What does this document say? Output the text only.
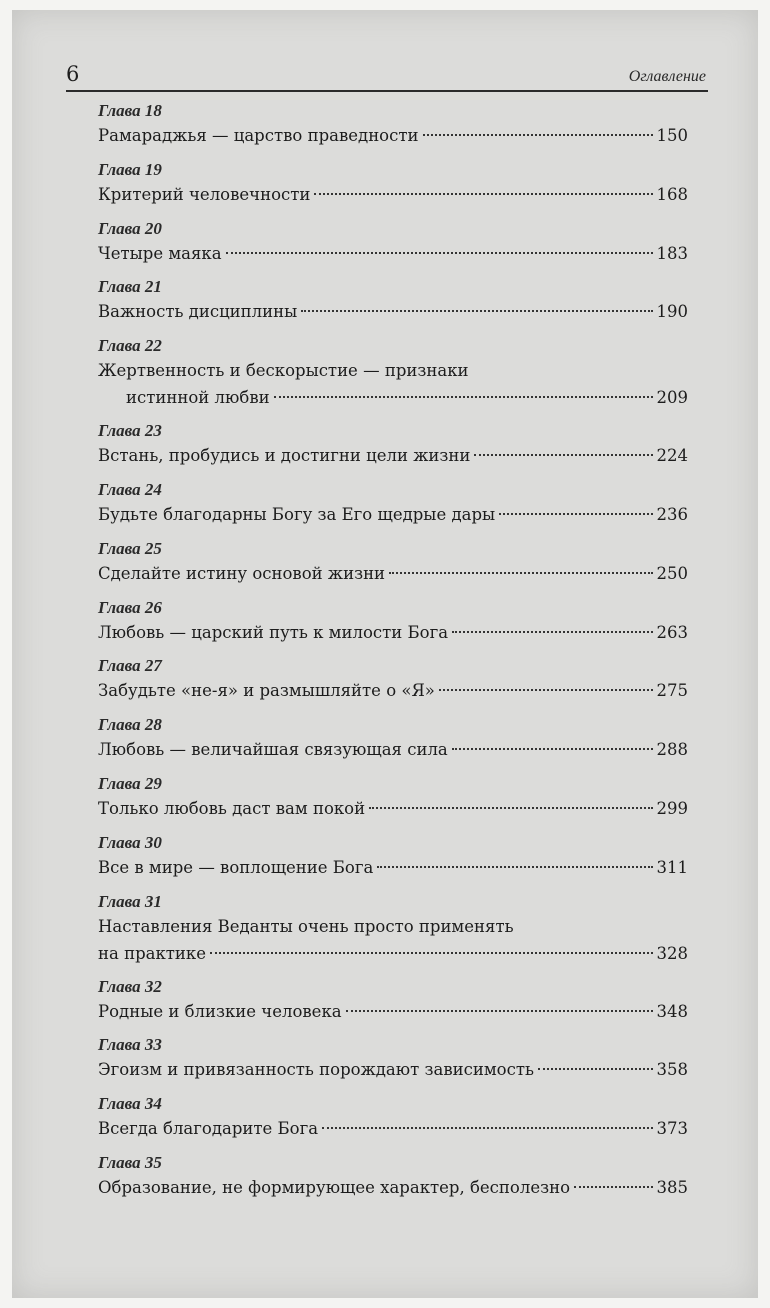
6	Оглавление
Глава 18
Рамараджья — царство праведности	150
Глава 19
Критерий человечности	168
Глава 20
Четыре маяка	183
Глава 21
Важность дисциплины	190
Глава 22
Жертвенность и бескорыстие — признаки
истинной любви	209
Глава 23
Встань, пробудись и достигни цели жизни	224
Глава 24
Будьте благодарны Богу за Его щедрые дары	236
Глава 25
Сделайте истину основой жизни	250
Глава 26
Любовь — царский путь к милости Бога	263
Глава 27
Забудьте «не-я» и размышляйте о «Я»	275
Глава 28
Любовь — величайшая связующая сила	288
Глава 29
Только любовь даст вам покой	299
Глава 30
Все в мире — воплощение Бога	311
Глава 31
Наставления Веданты очень просто применять
на практике	328
Глава 32
Родные и близкие человека	348
Глава 33
Эгоизм и привязанность порождают зависимость	358
Глава 34
Всегда благодарите Бога	373
Глава 35
Образование, не формирующее характер, бесполезно	385
